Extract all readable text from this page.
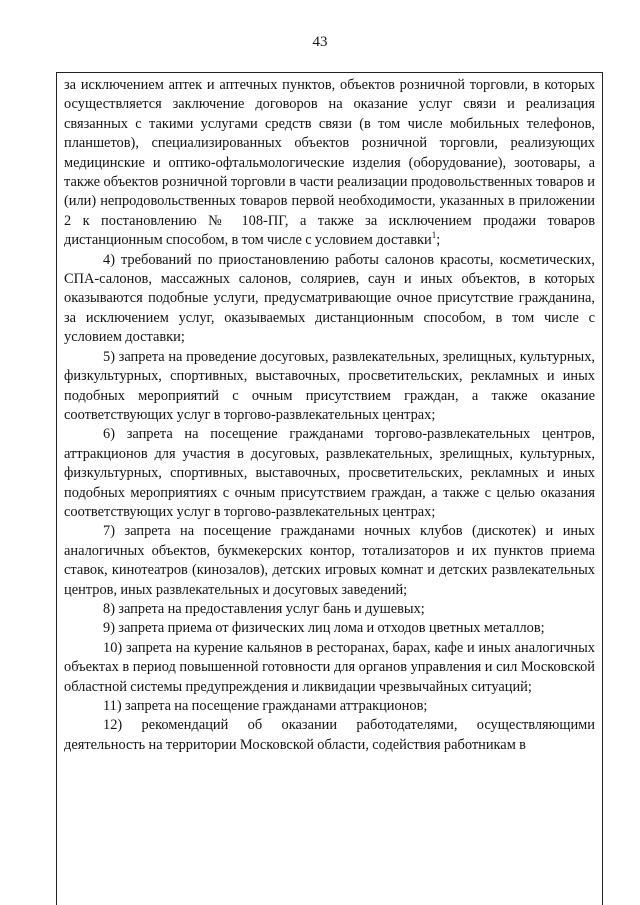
43

за исключением аптек и аптечных пунктов, объектов розничной торговли, в которых осуществляется заключение договоров на оказание услуг связи и реализация связанных с такими услугами средств связи (в том числе мобильных телефонов, планшетов), специализированных объектов розничной торговли, реализующих медицинские и оптико-офтальмологические изделия (оборудование), зоотовары, а также объектов розничной торговли в части реализации продовольственных товаров и (или) непродовольственных товаров первой необходимости, указанных в приложении 2 к постановлению № 108-ПГ, а также за исключением продажи товаров дистанционным способом, в том числе с условием доставки$^1$;

4) требований по приостановлению работы салонов красоты, косметических, СПА-салонов, массажных салонов, соляриев, саун и иных объектов, в которых оказываются подобные услуги, предусматривающие очное присутствие гражданина, за исключением услуг, оказываемых дистанционным способом, в том числе с условием доставки;

5) запрета на проведение досуговых, развлекательных, зрелищных, культурных, физкультурных, спортивных, выставочных, просветительских, рекламных и иных подобных мероприятий с очным присутствием граждан, а также оказание соответствующих услуг в торгово-развлекательных центрах;

6) запрета на посещение гражданами торгово-развлекательных центров, аттракционов для участия в досуговых, развлекательных, зрелищных, культурных, физкультурных, спортивных, выставочных, просветительских, рекламных и иных подобных мероприятиях с очным присутствием граждан, а также с целью оказания соответствующих услуг в торгово-развлекательных центрах;

7) запрета на посещение гражданами ночных клубов (дискотек) и иных аналогичных объектов, букмекерских контор, тотализаторов и их пунктов приема ставок, кинотеатров (кинозалов), детских игровых комнат и детских развлекательных центров, иных развлекательных и досуговых заведений;

8) запрета на предоставления услуг бань и душевых;

9) запрета приема от физических лиц лома и отходов цветных металлов;

10) запрета на курение кальянов в ресторанах, барах, кафе и иных аналогичных объектах в период повышенной готовности для органов управления и сил Московской областной системы предупреждения и ликвидации чрезвычайных ситуаций;

11) запрета на посещение гражданами аттракционов;

12) рекомендаций об оказании работодателями, осуществляющими деятельность на территории Московской области, содействия работникам в
